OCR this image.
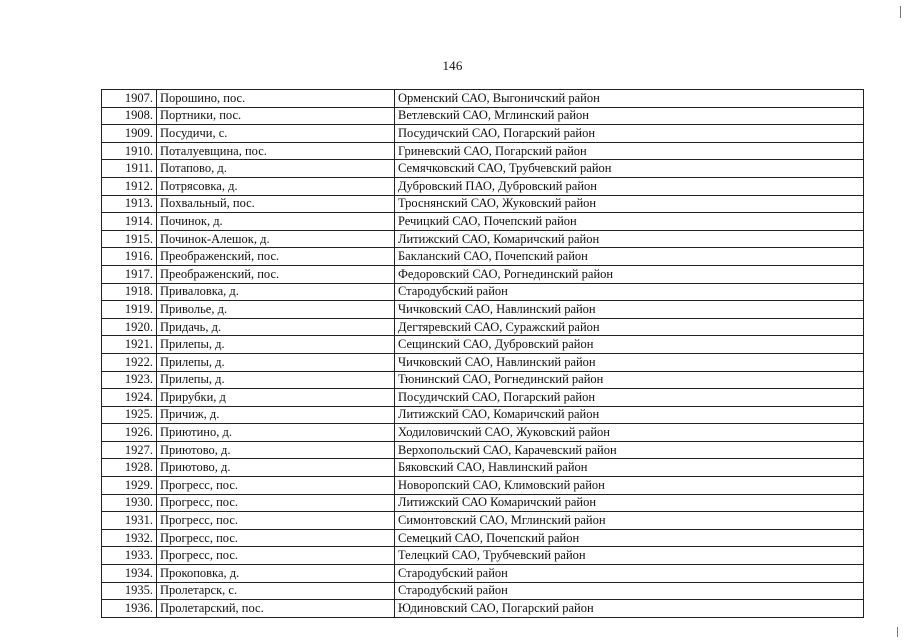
146
1907.	Порошино, пос.	Орменский САО, Выгоничский район
1908.	Портники, пос.	Ветлевский САО, Мглинский район
1909.	Посудичи, с.	Посудичский САО, Погарский район
1910.	Поталуевщина, пос.	Гриневский САО, Погарский район
1911.	Потапово, д.	Семячковский САО, Трубчевский район
1912.	Потрясовка, д.	Дубровский ПАО, Дубровский район
1913.	Пoхвальный, пос.	Троснянский САО, Жуковский район
1914.	Починок, д.	Речицкий САО, Почепский район
1915.	Починок-Алешок, д.	Литижский САО, Комаричский район
1916.	Преображенский, пос.	Бакланский САО, Почепский район
1917.	Преображенский, пос.	Федоровский САО, Рогнединский район
1918.	Приваловка, д.	Стародубский район
1919.	Приволье, д.	Чичковский САО, Навлинский район
1920.	Придачь, д.	Дегтяревский САО, Суражский район
1921.	Прилепы, д.	Сещинский САО, Дубровский район
1922.	Прилепы, д.	Чичковский САО, Навлинский район
1923.	Прилепы, д.	Тюнинский САО, Рогнединский район
1924.	Прирубки, д	Посудичский САО, Погарский район
1925.	Причиж, д.	Литижский САО, Комаричский район
1926.	Приютино, д.	Ходиловичский САО, Жуковский район
1927.	Приютово, д.	Верхопольский САО, Карачевский район
1928.	Приютово, д.	Бяковский САО, Навлинский район
1929.	Прогресс, пос.	Новоропский САО, Климовский район
1930.	Прогресс, пос.	Литижский САО Комаричский район
1931.	Прогресс, пос.	Симонтовский САО, Мглинский район
1932.	Прогресс, пос.	Семецкий САО, Почепский район
1933.	Прогресс, пос.	Телецкий САО, Трубчевский район
1934.	Прокоповка, д.	Стародубский район
1935.	Пролетарск, с.	Стародубский район
1936.	Пролетарский, пос.	Юдиновский САО, Погарский район
